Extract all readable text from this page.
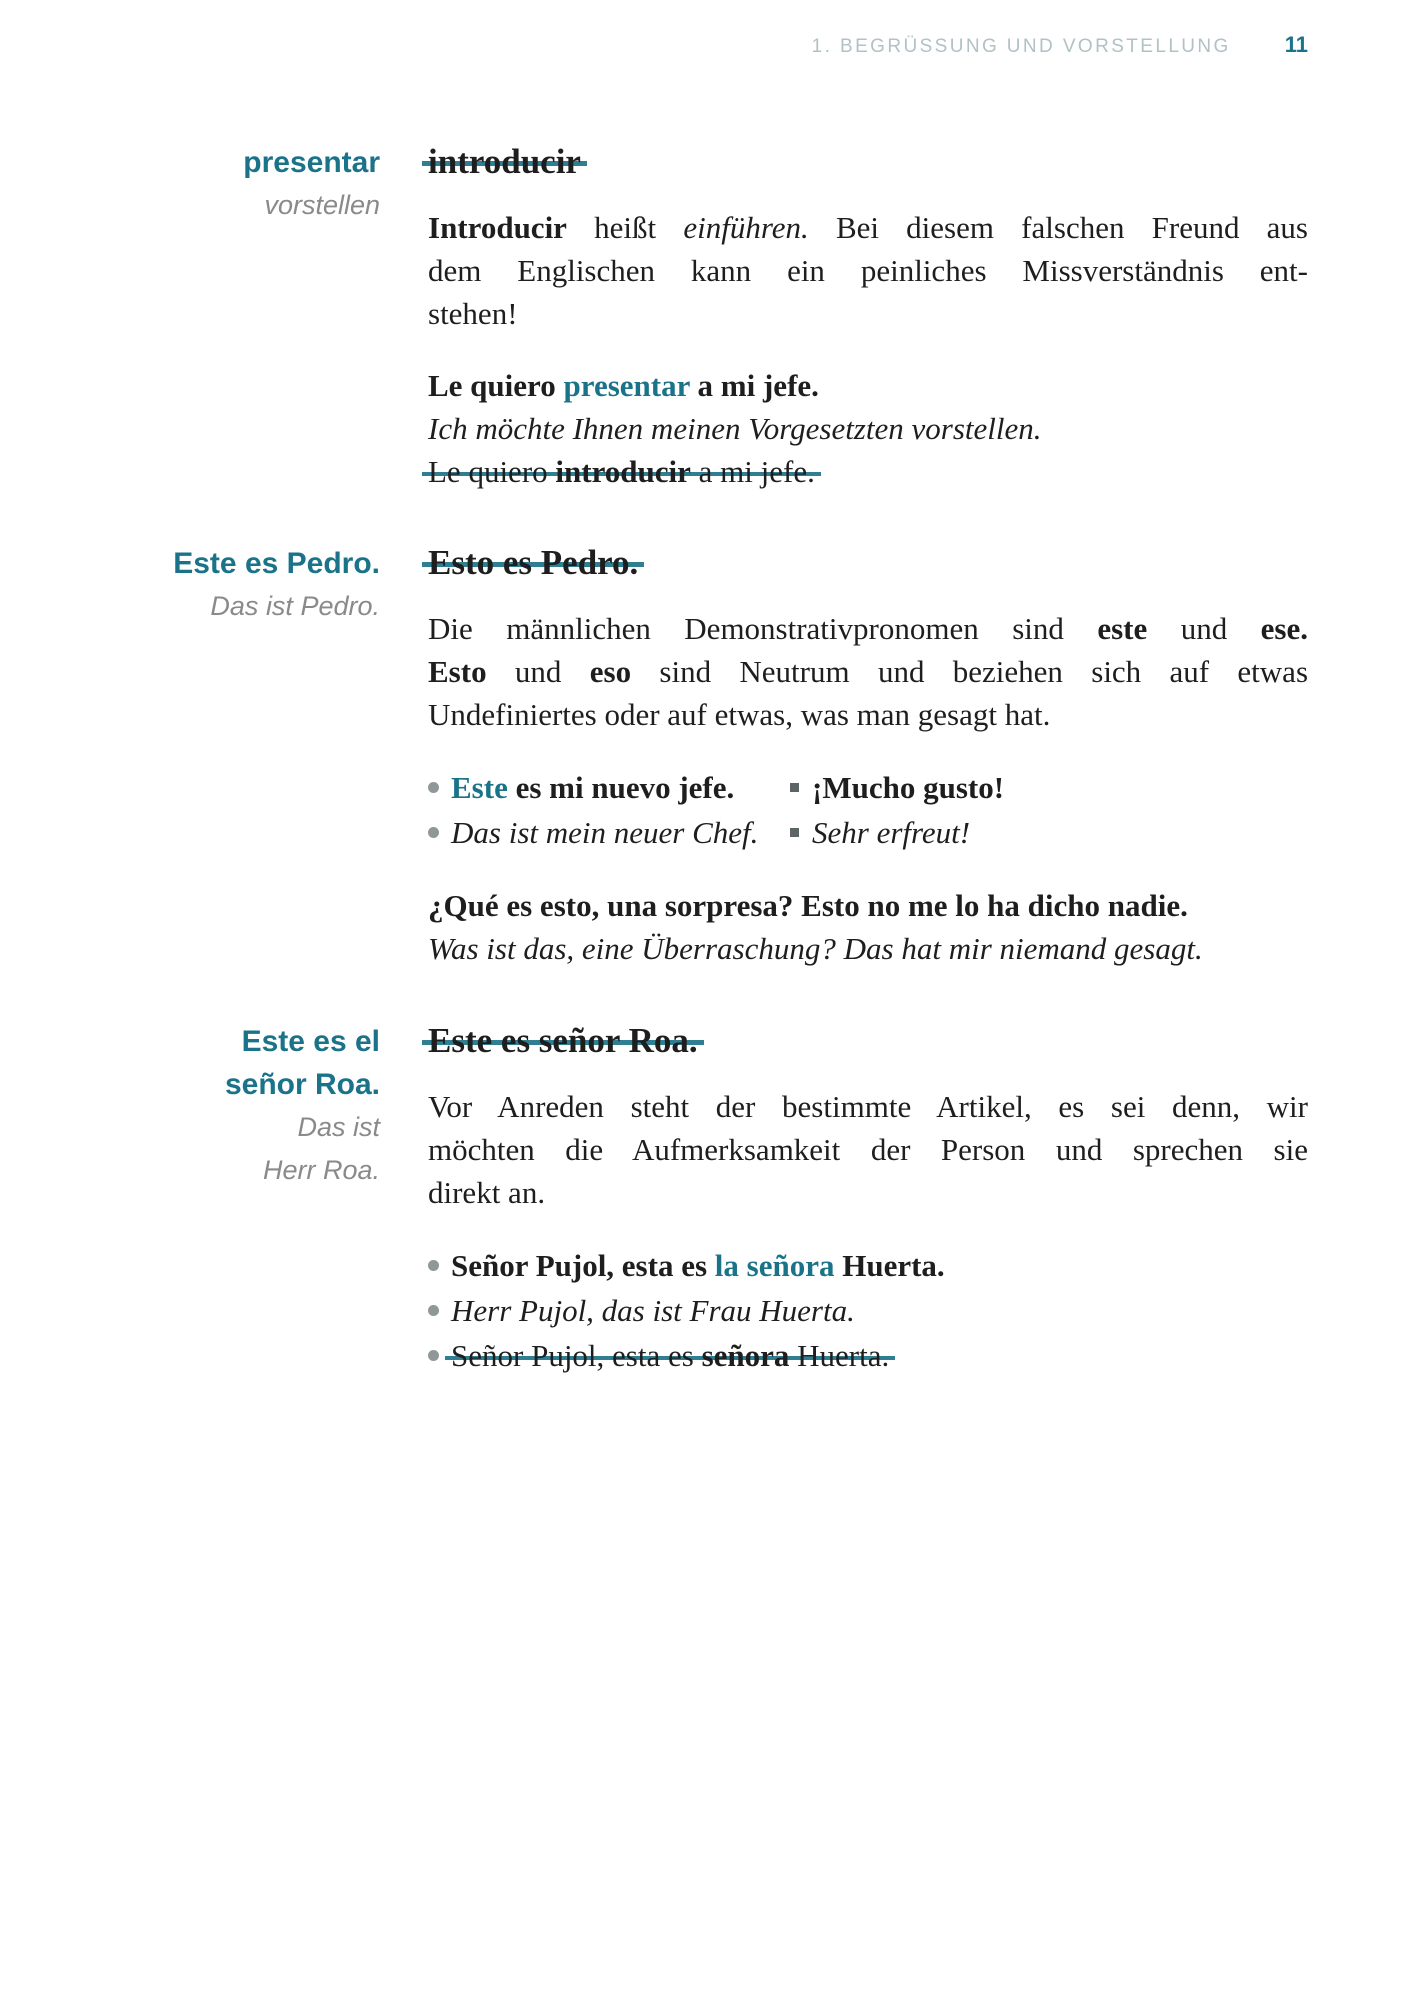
1. BEGRÜSSUNG UND VORSTELLUNG 11
presentar
vorstellen
introducir
Introducir heißt einführen. Bei diesem falschen Freund aus
dem Englischen kann ein peinliches Missverständnis ent-
stehen!
Le quiero presentar a mi jefe.
Ich möchte Ihnen meinen Vorgesetzten vorstellen.
Le quiero introducir a mi jefe.
Este es Pedro.
Das ist Pedro.
Esto es Pedro.
Die männlichen Demonstrativpronomen sind este und ese.
Esto und eso sind Neutrum und beziehen sich auf etwas
Undefiniertes oder auf etwas, was man gesagt hat.
Este es mi nuevo jefe.	¡Mucho gusto!
Das ist mein neuer Chef.	Sehr erfreut!
¿Qué es esto, una sorpresa? Esto no me lo ha dicho nadie.
Was ist das, eine Überraschung? Das hat mir niemand gesagt.
Este es el
señor Roa.
Das ist
Herr Roa.
Este es señor Roa.
Vor Anreden steht der bestimmte Artikel, es sei denn, wir
möchten die Aufmerksamkeit der Person und sprechen sie
direkt an.
Señor Pujol, esta es la señora Huerta.
Herr Pujol, das ist Frau Huerta.
Señor Pujol, esta es señora Huerta.
